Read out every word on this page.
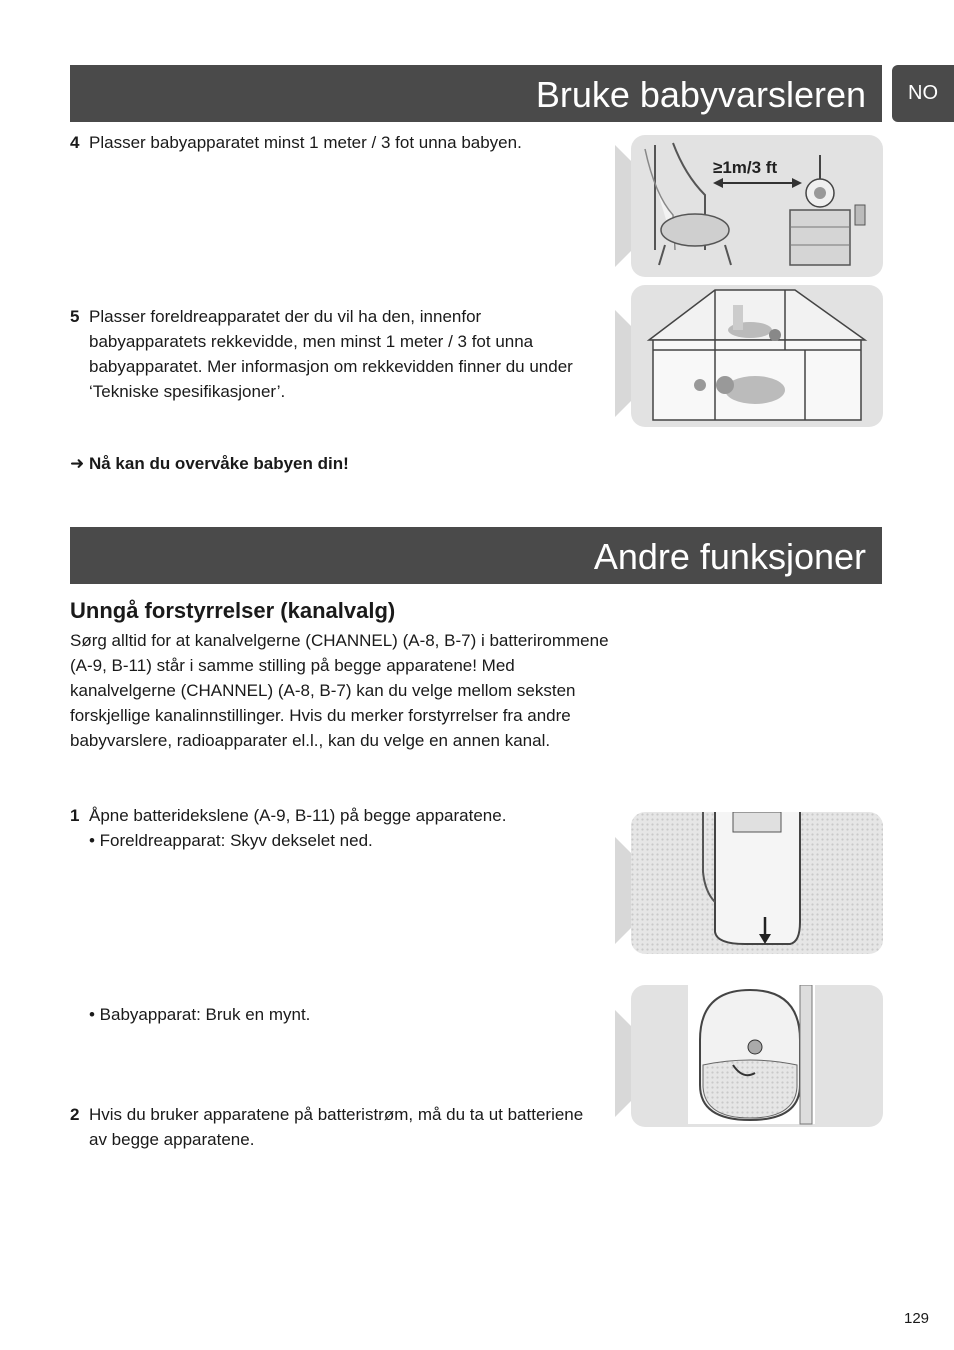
Bruke babyvarsleren	NO
4 Plasser babyapparatet minst 1 meter / 3 fot unna babyen.
≥1m/3 ft
5 Plasser foreldreapparatet der du vil ha den, innenfor babyapparatets rekkevidde, men minst 1 meter / 3 fot unna babyapparatet. Mer informasjon om rekkevidden finner du under ‘Tekniske spesifikasjoner’.
➜ Nå kan du overvåke babyen din!
Andre funksjoner
Unngå forstyrrelser (kanalvalg)
Sørg alltid for at kanalvelgerne (CHANNEL) (A-8, B-7) i batterirommene (A-9, B-11) står i samme stilling på begge apparatene! Med kanalvelgerne (CHANNEL) (A-8, B-7) kan du velge mellom seksten forskjellige kanalinnstillinger. Hvis du merker forstyrrelser fra andre babyvarslere, radioapparater el.l., kan du velge en annen kanal.
1 Åpne batteridekslene (A-9, B-11) på begge apparatene.
• Foreldreapparat: Skyv dekselet ned.
• Babyapparat: Bruk en mynt.
2 Hvis du bruker apparatene på batteristrøm, må du ta ut batteriene av begge apparatene.
129
